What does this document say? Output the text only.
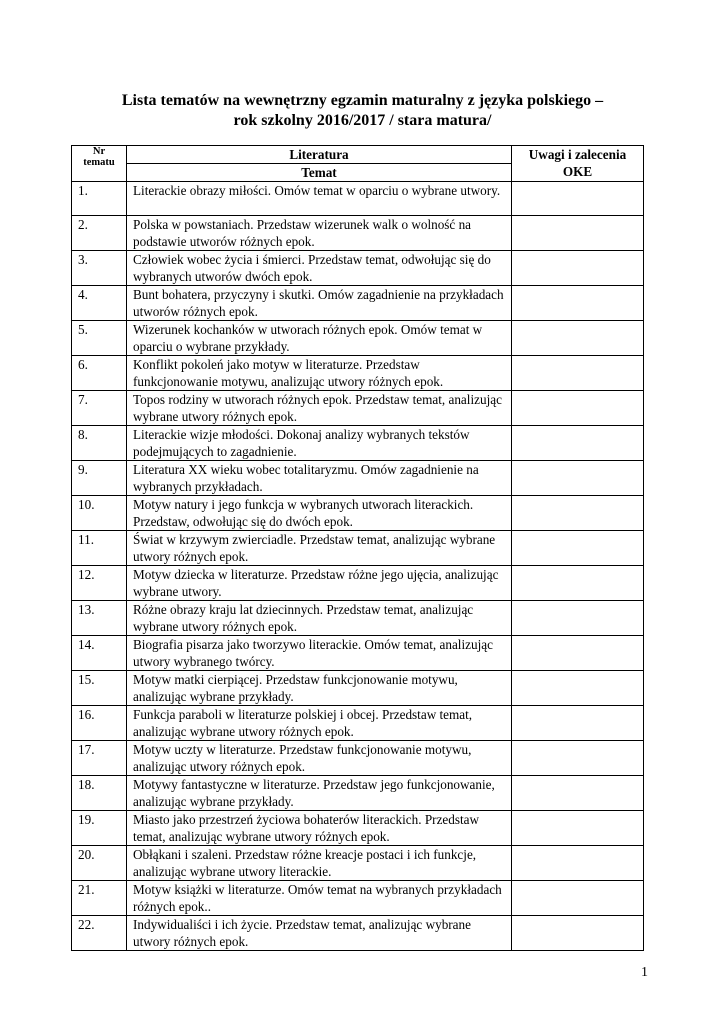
Lista tematów na wewnętrzny egzamin maturalny z języka polskiego –
rok szkolny 2016/2017 / stara matura/
Nr tematu	Literatura	Uwagi i zalecenia OKE
	Temat	
1.	Literackie obrazy miłości. Omów temat w oparciu o wybrane utwory.	
2.	Polska w powstaniach. Przedstaw wizerunek walk o wolność na podstawie utworów różnych epok.	
3.	Człowiek wobec życia i śmierci. Przedstaw temat, odwołując się do wybranych utworów dwóch epok.	
4.	Bunt bohatera, przyczyny i skutki. Omów zagadnienie na przykładach utworów różnych epok.	
5.	Wizerunek kochanków w utworach różnych epok. Omów temat w oparciu o wybrane przykłady.	
6.	Konflikt pokoleń jako motyw w literaturze. Przedstaw funkcjonowanie motywu, analizując utwory różnych epok.	
7.	Topos rodziny w utworach różnych epok. Przedstaw temat, analizując wybrane utwory różnych epok.	
8.	Literackie wizje młodości. Dokonaj analizy wybranych tekstów podejmujących to zagadnienie.	
9.	Literatura XX wieku wobec totalitaryzmu. Omów zagadnienie na wybranych przykładach.	
10.	Motyw natury i jego funkcja w wybranych utworach literackich. Przedstaw, odwołując się do dwóch epok.	
11.	Świat w krzywym zwierciadle. Przedstaw temat, analizując wybrane utwory różnych epok.	
12.	Motyw dziecka w literaturze. Przedstaw różne jego ujęcia, analizując wybrane utwory.	
13.	Różne obrazy kraju lat dziecinnych. Przedstaw temat, analizując wybrane utwory różnych epok.	
14.	Biografia pisarza jako tworzywo literackie. Omów temat, analizując utwory wybranego twórcy.	
15.	Motyw matki cierpiącej. Przedstaw funkcjonowanie motywu, analizując wybrane przykłady.	
16.	Funkcja paraboli w literaturze polskiej i obcej. Przedstaw temat, analizując wybrane utwory różnych epok.	
17.	Motyw uczty w literaturze. Przedstaw funkcjonowanie motywu, analizując utwory różnych epok.	
18.	Motywy fantastyczne w literaturze. Przedstaw jego funkcjonowanie, analizując wybrane przykłady.	
19.	Miasto jako przestrzeń życiowa bohaterów literackich. Przedstaw temat, analizując wybrane utwory różnych epok.	
20.	Obłąkani i szaleni. Przedstaw różne kreacje postaci i ich funkcje, analizując wybrane utwory literackie.	
21.	Motyw książki w literaturze. Omów temat na wybranych przykładach różnych epok..	
22.	Indywidualiści i ich życie. Przedstaw temat, analizując wybrane utwory różnych epok.	
1
